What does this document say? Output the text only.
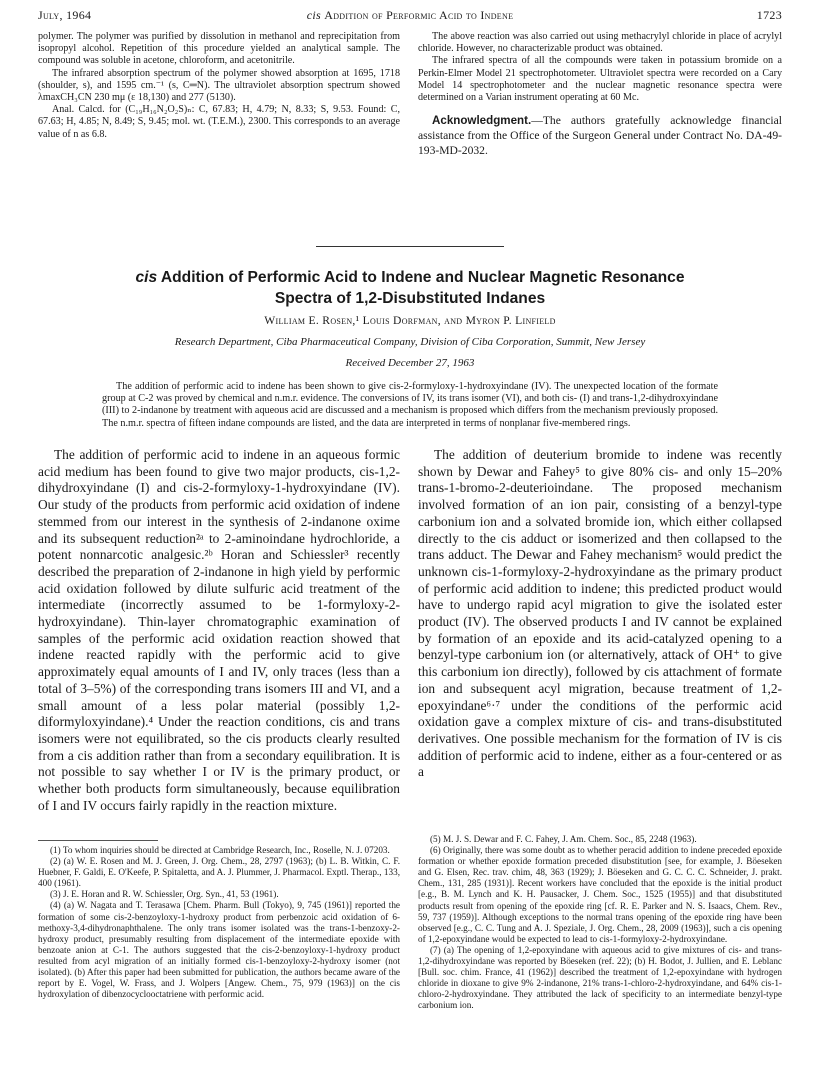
July, 1964	cis Addition of Performic Acid to Indene	1723

polymer. The polymer was purified by dissolution in methanol and reprecipitation from isopropyl alcohol. Repetition of this procedure yielded an analytical sample. The compound was soluble in acetone, chloroform, and acetonitrile.

The infrared absorption spectrum of the polymer showed absorption at 1695, 1718 (shoulder, s), and 1595 cm.⁻¹ (s, C═N). The ultraviolet absorption spectrum showed λmaxCH₃CN 230 mμ (ε 18,130) and 277 (5130).

Anal. Calcd. for (C₁₉H₁₆N₂O₂S)ₙ: C, 67.83; H, 4.79; N, 8.33; S, 9.53. Found: C, 67.63; H, 4.85; N, 8.49; S, 9.45; mol. wt. (T.E.M.), 2300. This corresponds to an average value of n as 6.8.

The above reaction was also carried out using methacrylyl chloride in place of acrylyl chloride. However, no characterizable product was obtained.

The infrared spectra of all the compounds were taken in potassium bromide on a Perkin-Elmer Model 21 spectrophotometer. Ultraviolet spectra were recorded on a Cary Model 14 spectrophotometer and the nuclear magnetic resonance spectra were determined on a Varian instrument operating at 60 Mc.

Acknowledgment.—The authors gratefully acknowledge financial assistance from the Office of the Surgeon General under Contract No. DA-49-193-MD-2032.
cis Addition of Performic Acid to Indene and Nuclear Magnetic Resonance
Spectra of 1,2-Disubstituted Indanes
William E. Rosen,¹ Louis Dorfman, and Myron P. Linfield
Research Department, Ciba Pharmaceutical Company, Division of Ciba Corporation, Summit, New Jersey
Received December 27, 1963
The addition of performic acid to indene has been shown to give cis-2-formyloxy-1-hydroxyindane (IV). The unexpected location of the formate group at C-2 was proved by chemical and n.m.r. evidence. The conversions of IV, its trans isomer (VI), and both cis- (I) and trans-1,2-dihydroxyindane (III) to 2-indanone by treatment with aqueous acid are discussed and a mechanism is proposed which differs from the mechanism previously proposed. The n.m.r. spectra of fifteen indane compounds are listed, and the data are interpreted in terms of nonplanar five-membered rings.

The addition of performic acid to indene in an aqueous formic acid medium has been found to give two major products, cis-1,2-dihydroxyindane (I) and cis-2-formyloxy-1-hydroxyindane (IV). Our study of the products from performic acid oxidation of indene stemmed from our interest in the synthesis of 2-indanone oxime and its subsequent reduction²ᵃ to 2-aminoindane hydrochloride, a potent nonnarcotic analgesic.²ᵇ Horan and Schiessler³ recently described the preparation of 2-indanone in high yield by performic acid oxidation followed by dilute sulfuric acid treatment of the intermediate (incorrectly assumed to be 1-formyloxy-2-hydroxyindane). Thin-layer chromatographic examination of samples of the performic acid oxidation reaction showed that indene reacted rapidly with the performic acid to give approximately equal amounts of I and IV, only traces (less than a total of 3–5%) of the corresponding trans isomers III and VI, and a small amount of a less polar material (possibly 1,2-diformyloxyindane).⁴ Under the reaction conditions, cis and trans isomers were not equilibrated, so the cis products clearly resulted from a cis addition rather than from a secondary equilibration. It is not possible to say whether I or IV is the primary product, or whether both products form simultaneously, because equilibration of I and IV occurs fairly rapidly in the reaction mixture.

The addition of deuterium bromide to indene was recently shown by Dewar and Fahey⁵ to give 80% cis- and only 15–20% trans-1-bromo-2-deuterioindane. The proposed mechanism involved formation of an ion pair, consisting of a benzyl-type carbonium ion and a solvated bromide ion, which either collapsed directly to the cis adduct or isomerized and then collapsed to the trans adduct. The Dewar and Fahey mechanism⁵ would predict the unknown cis-1-formyloxy-2-hydroxyindane as the primary product of performic acid addition to indene; this predicted product would have to undergo rapid acyl migration to give the isolated ester product (IV). The observed products I and IV cannot be explained by formation of an epoxide and its acid-catalyzed opening to a benzyl-type carbonium ion (or alternatively, attack of OH⁺ to give this carbonium ion directly), followed by cis attachment of formate ion and subsequent acyl migration, because treatment of 1,2-epoxyindane⁶·⁷ under the conditions of the performic acid oxidation gave a complex mixture of cis- and trans-disubstituted derivatives. One possible mechanism for the formation of IV is cis addition of performic acid to indene, either as a four-centered or as a

(1) To whom inquiries should be directed at Cambridge Research, Inc., Roselle, N. J. 07203.

(2) (a) W. E. Rosen and M. J. Green, J. Org. Chem., 28, 2797 (1963); (b) L. B. Witkin, C. F. Huebner, F. Galdi, E. O'Keefe, P. Spitaletta, and A. J. Plummer, J. Pharmacol. Exptl. Therap., 133, 400 (1961).

(3) J. E. Horan and R. W. Schiessler, Org. Syn., 41, 53 (1961).

(4) (a) W. Nagata and T. Terasawa [Chem. Pharm. Bull (Tokyo), 9, 745 (1961)] reported the formation of some cis-2-benzoyloxy-1-hydroxy product from perbenzoic acid oxidation of 6-methoxy-3,4-dihydronaphthalene. The only trans isomer isolated was the trans-1-benzoxy-2-hydroxy product, presumably resulting from displacement of the intermediate epoxide with benzoate anion at C-1. The authors suggested that the cis-2-benzoyloxy-1-hydroxy product resulted from acyl migration of an initially formed cis-1-benzoyloxy-2-hydroxy isomer (not isolated). (b) After this paper had been submitted for publication, the authors became aware of the report by E. Vogel, W. Frass, and J. Wolpers [Angew. Chem., 75, 979 (1963)] on the cis hydroxylation of dibenzocyclooctatriene with performic acid.

(5) M. J. S. Dewar and F. C. Fahey, J. Am. Chem. Soc., 85, 2248 (1963).

(6) Originally, there was some doubt as to whether peracid addition to indene preceded epoxide formation or whether epoxide formation preceded disubstitution [see, for example, J. Böeseken and G. Elsen, Rec. trav. chim, 48, 363 (1929); J. Böeseken and G. C. C. C. Schneider, J. prakt. Chem., 131, 285 (1931)]. Recent workers have concluded that the epoxide is the initial product [e.g., B. M. Lynch and K. H. Pausacker, J. Chem. Soc., 1525 (1955)] and that disubstituted products result from opening of the epoxide ring [cf. R. E. Parker and N. S. Isaacs, Chem. Rev., 59, 737 (1959)]. Although exceptions to the normal trans opening of the epoxide ring have been observed [e.g., C. C. Tung and A. J. Speziale, J. Org. Chem., 28, 2009 (1963)], such a cis opening of 1,2-epoxyindane would be expected to lead to cis-1-formyloxy-2-hydroxyindane.

(7) (a) The opening of 1,2-epoxyindane with aqueous acid to give mixtures of cis- and trans-1,2-dihydroxyindane was reported by Böeseken (ref. 22); (b) H. Bodot, J. Jullien, and E. Leblanc [Bull. soc. chim. France, 41 (1962)] described the treatment of 1,2-epoxyindane with hydrogen chloride in dioxane to give 9% 2-indanone, 21% trans-1-chloro-2-hydroxyindane, and 64% cis-1-chloro-2-hydroxyindane. They attributed the lack of specificity to an intermediate benzyl-type carbonium ion.
